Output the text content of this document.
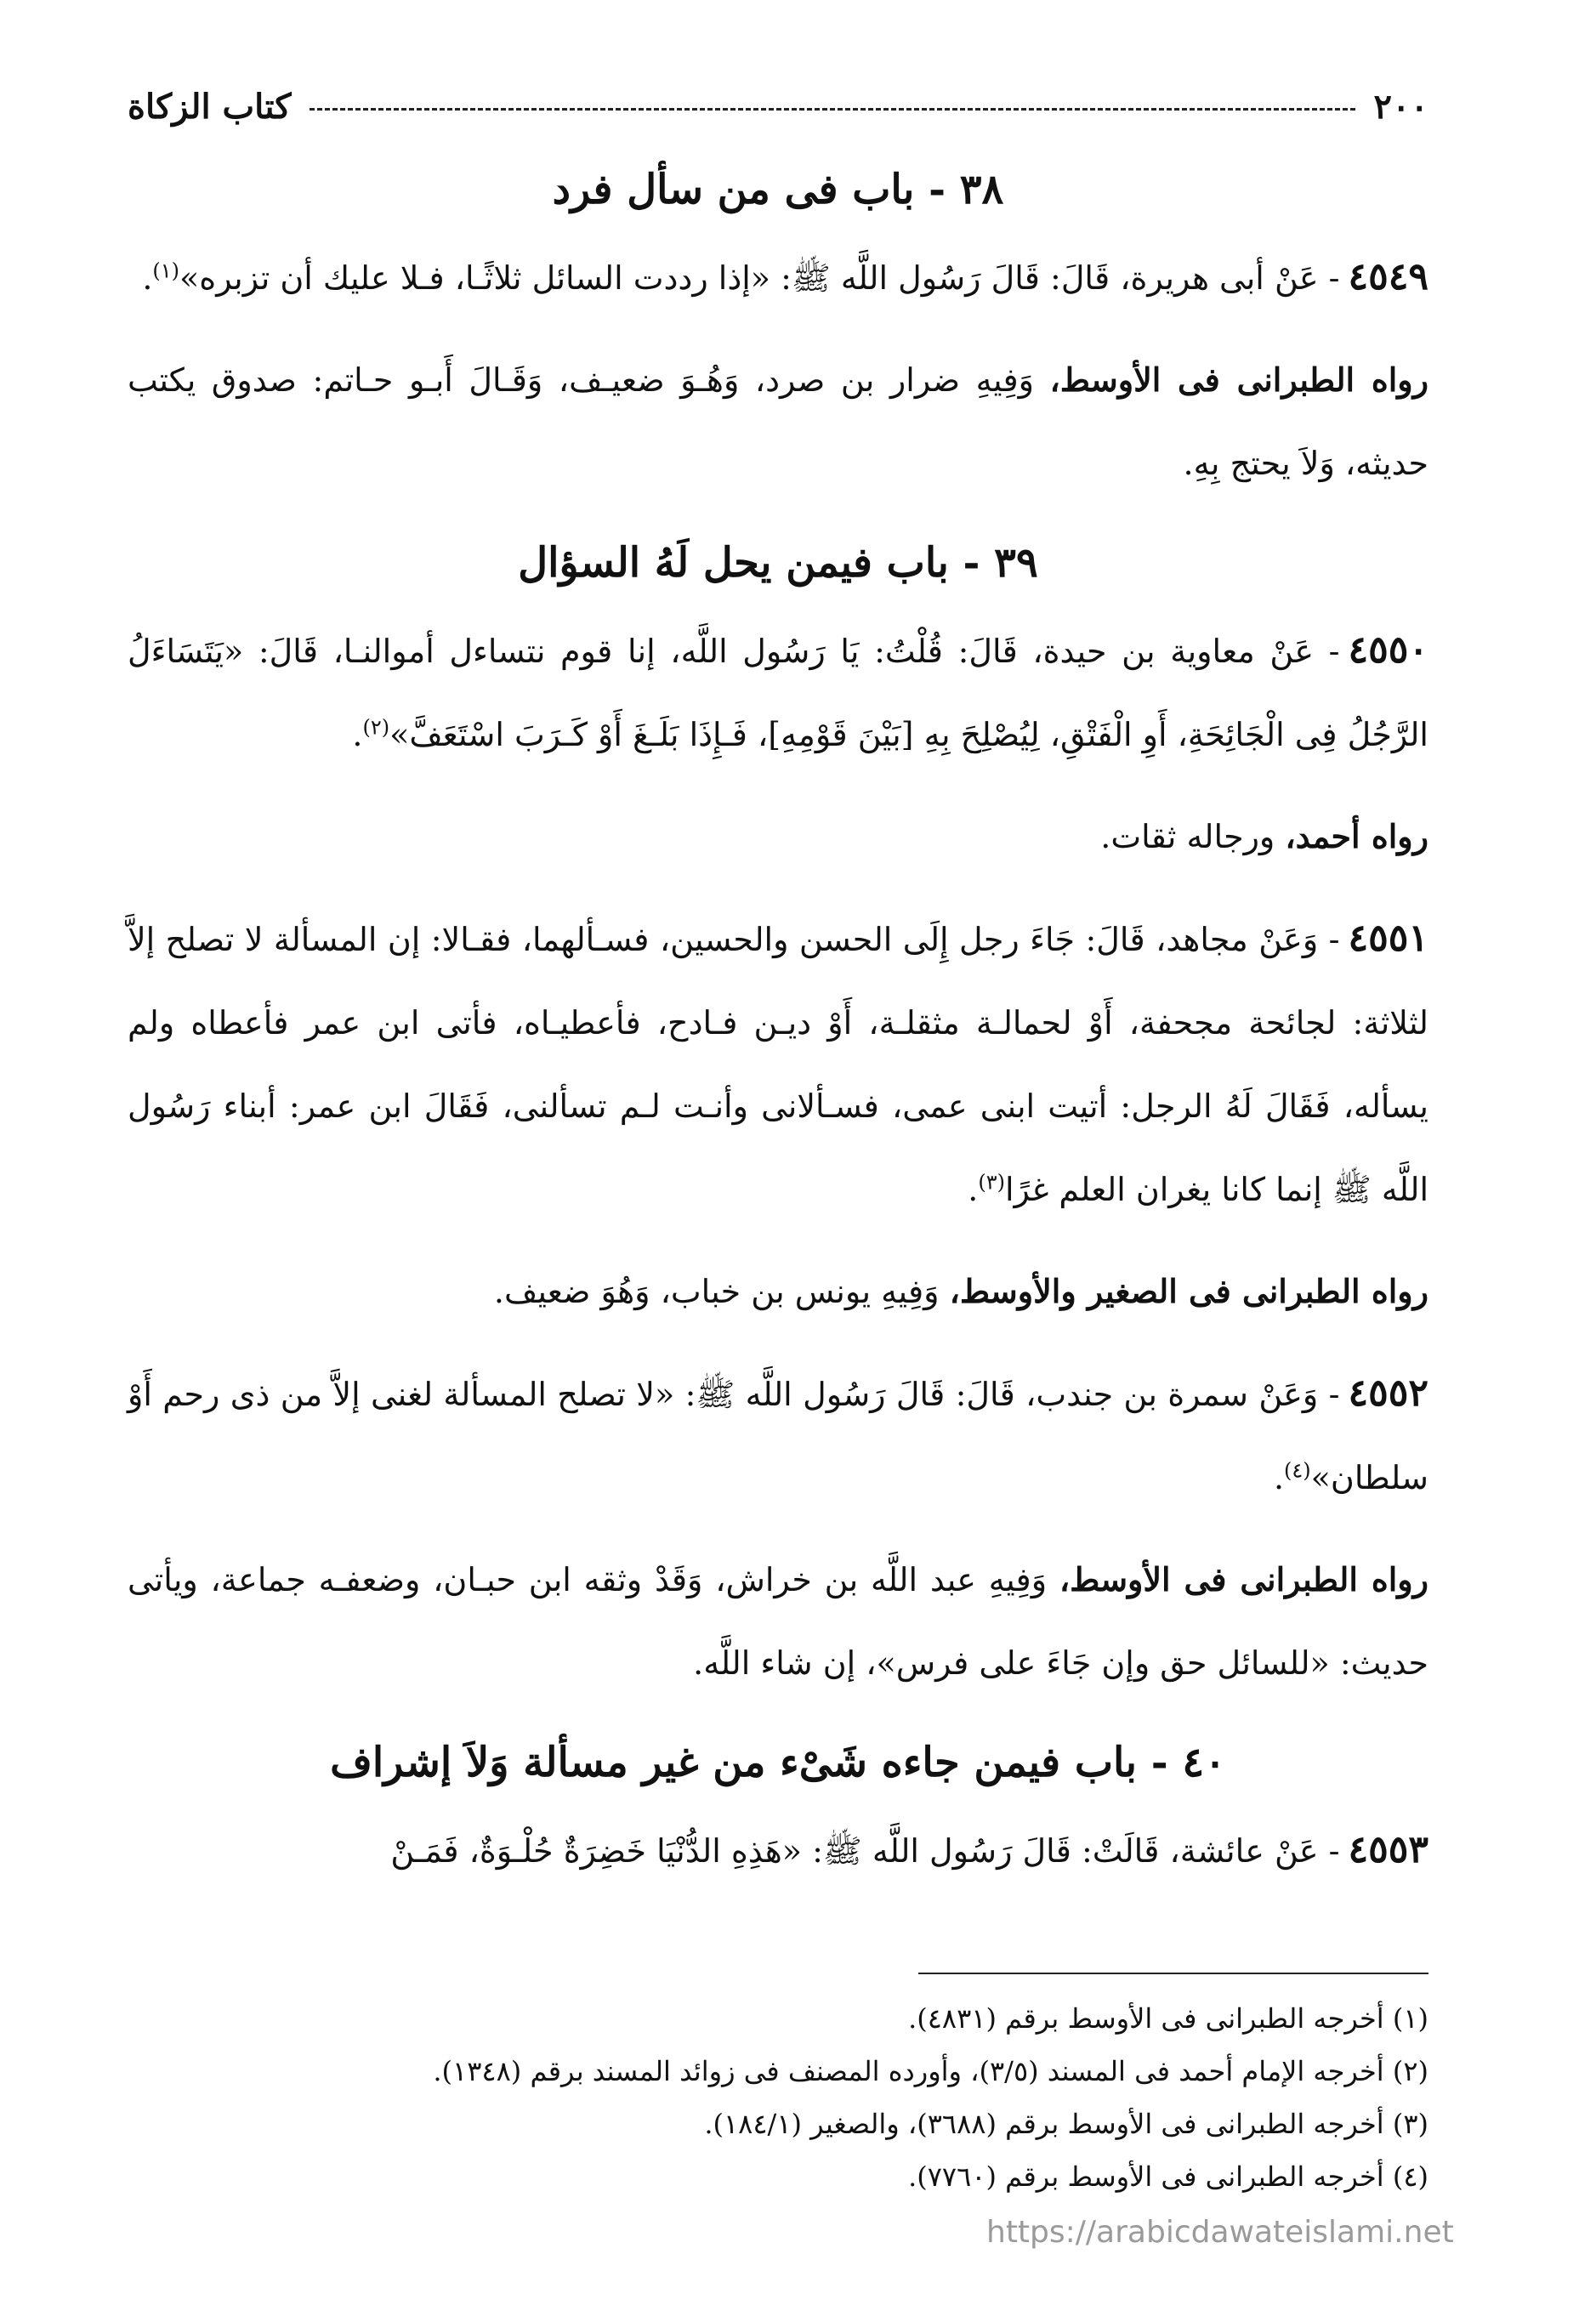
٢٠٠
كتاب الزكاة
٣٨ - باب فى من سأل فرد

٤٥٤٩- عَنْ أبى هريرة، قَالَ: قَالَ رَسُول اللَّه ﷺ: «إذا رددت السائل ثلاثًـا، فـلا عليك أن تزبره»$^{(١)}$.

رواه الطبرانى فى الأوسط، وَفِيهِ ضرار بن صرد، وَهُـوَ ضعيـف، وَقَـالَ أَبـو حـاتم: صدوق يكتب حديثه، وَلاَ يحتج بِهِ.

٣٩ - باب فيمن يحل لَهُ السؤال

٤٥٥٠- عَنْ معاوية بن حيدة، قَالَ: قُلْتُ: يَا رَسُول اللَّه، إنا قوم نتساءل أموالنـا، قَالَ: «يَتَسَاءَلُ الرَّجُلُ فِى الْجَائِحَةِ، أَوِ الْفَتْقِ، لِيُصْلِحَ بِهِ [بَيْنَ قَوْمِهِ]، فَـإِذَا بَلَـغَ أَوْ كَـرَبَ اسْتَعَفَّ»$^{(٢)}$.

رواه أحمد، ورجاله ثقات.

٤٥٥١- وَعَنْ مجاهد، قَالَ: جَاءَ رجل إِلَى الحسن والحسين، فسـألهما، فقـالا: إن المسألة لا تصلح إلاَّ لثلاثة: لجائحة مجحفة، أَوْ لحمالـة مثقلـة، أَوْ ديـن فـادح، فأعطيـاه، فأتى ابن عمر فأعطاه ولم يسأله، فَقَالَ لَهُ الرجل: أتيت ابنى عمى، فسـألانى وأنـت لـم تسألنى، فَقَالَ ابن عمر: أبناء رَسُول اللَّه ﷺ إنما كانا يغران العلم غرًا$^{(٣)}$.

رواه الطبرانى فى الصغير والأوسط، وَفِيهِ يونس بن خباب، وَهُوَ ضعيف.

٤٥٥٢- وَعَنْ سمرة بن جندب، قَالَ: قَالَ رَسُول اللَّه ﷺ: «لا تصلح المسألة لغنى إلاَّ من ذى رحم أَوْ سلطان»$^{(٤)}$.

رواه الطبرانى فى الأوسط، وَفِيهِ عبد اللَّه بن خراش، وَقَدْ وثقه ابن حبـان، وضعفـه جماعة، ويأتى حديث: «للسائل حق وإن جَاءَ على فرس»، إن شاء اللَّه.

٤٠ - باب فيمن جاءه شَىْء من غير مسألة وَلاَ إشراف

٤٥٥٣- عَنْ عائشة، قَالَتْ: قَالَ رَسُول اللَّه ﷺ: «هَذِهِ الدُّنْيَا خَضِرَةٌ حُلْـوَةٌ، فَمَـنْ

(١) أخرجه الطبرانى فى الأوسط برقم (٤٨٣١).
(٢) أخرجه الإمام أحمد فى المسند (٣/٥)، وأورده المصنف فى زوائد المسند برقم (١٣٤٨).
(٣) أخرجه الطبرانى فى الأوسط برقم (٣٦٨٨)، والصغير (١٨٤/١).
(٤) أخرجه الطبرانى فى الأوسط برقم (٧٧٦٠).
https://arabicdawateislami.net
